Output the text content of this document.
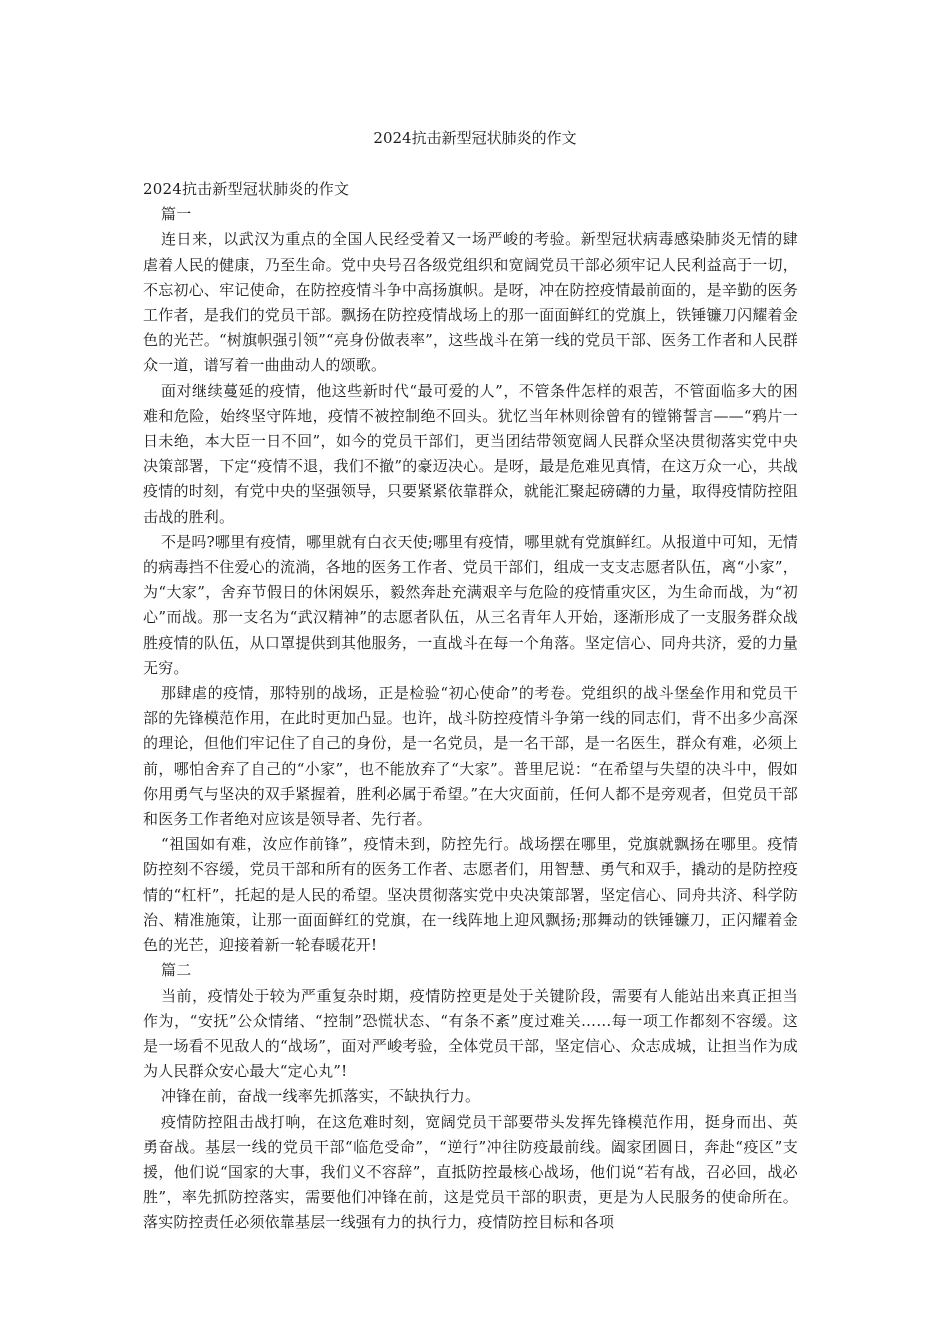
2024抗击新型冠状肺炎的作文

2024抗击新型冠状肺炎的作文

篇一

连日来，以武汉为重点的全国人民经受着又一场严峻的考验。新型冠状病毒感染肺炎无情的肆虐着人民的健康，乃至生命。党中央号召各级党组织和宽阔党员干部必须牢记人民利益高于一切，不忘初心、牢记使命，在防控疫情斗争中高扬旗帜。是呀，冲在防控疫情最前面的，是辛勤的医务工作者，是我们的党员干部。飘扬在防控疫情战场上的那一面面鲜红的党旗上，铁锤镰刀闪耀着金色的光芒。“树旗帜强引领”“亮身份做表率”，这些战斗在第一线的党员干部、医务工作者和人民群众一道，谱写着一曲曲动人的颂歌。

面对继续蔓延的疫情，他这些新时代“最可爱的人”，不管条件怎样的艰苦，不管面临多大的困难和危险，始终坚守阵地，疫情不被控制绝不回头。犹忆当年林则徐曾有的镗锵誓言——“鸦片一日未绝，本大臣一日不回”，如今的党员干部们，更当团结带领宽阔人民群众坚决贯彻落实党中央决策部署，下定“疫情不退，我们不撤”的豪迈决心。是呀，最是危难见真情，在这万众一心，共战疫情的时刻，有党中央的坚强领导，只要紧紧依靠群众，就能汇聚起磅礴的力量，取得疫情防控阻击战的胜利。

不是吗?哪里有疫情，哪里就有白衣天使;哪里有疫情，哪里就有党旗鲜红。从报道中可知，无情的病毒挡不住爱心的流淌，各地的医务工作者、党员干部们，组成一支支志愿者队伍，离“小家”，为“大家”，舍弃节假日的休闲娱乐，毅然奔赴充满艰辛与危险的疫情重灾区，为生命而战，为“初心”而战。那一支名为“武汉精神”的志愿者队伍，从三名青年人开始，逐渐形成了一支服务群众战胜疫情的队伍，从口罩提供到其他服务，一直战斗在每一个角落。坚定信心、同舟共济，爱的力量无穷。

那肆虐的疫情，那特别的战场，正是检验“初心使命”的考卷。党组织的战斗堡垒作用和党员干部的先锋模范作用，在此时更加凸显。也许，战斗防控疫情斗争第一线的同志们，背不出多少高深的理论，但他们牢记住了自己的身份，是一名党员，是一名干部，是一名医生，群众有难，必须上前，哪怕舍弃了自己的“小家”，也不能放弃了“大家”。普里尼说：“在希望与失望的决斗中，假如你用勇气与坚决的双手紧握着，胜利必属于希望。”在大灾面前，任何人都不是旁观者，但党员干部和医务工作者绝对应该是领导者、先行者。

“祖国如有难，汝应作前锋”，疫情未到，防控先行。战场摆在哪里，党旗就飘扬在哪里。疫情防控刻不容缓，党员干部和所有的医务工作者、志愿者们，用智慧、勇气和双手，撬动的是防控疫情的“杠杆”，托起的是人民的希望。坚决贯彻落实党中央决策部署，坚定信心、同舟共济、科学防治、精准施策，让那一面面鲜红的党旗，在一线阵地上迎风飘扬;那舞动的铁锤镰刀，正闪耀着金色的光芒，迎接着新一轮春暖花开!

篇二

当前，疫情处于较为严重复杂时期，疫情防控更是处于关键阶段，需要有人能站出来真正担当作为，“安抚”公众情绪、“控制”恐慌状态、“有条不紊”度过难关……每一项工作都刻不容缓。这是一场看不见敌人的“战场”，面对严峻考验，全体党员干部，坚定信心、众志成城，让担当作为成为人民群众安心最大“定心丸”!

冲锋在前，奋战一线率先抓落实，不缺执行力。

疫情防控阻击战打响，在这危难时刻，宽阔党员干部要带头发挥先锋模范作用，挺身而出、英勇奋战。基层一线的党员干部“临危受命”，“逆行”冲往防疫最前线。阖家团圆日，奔赴“疫区”支援，他们说“国家的大事，我们义不容辞”，直抵防控最核心战场，他们说“若有战，召必回，战必胜”，率先抓防控落实，需要他们冲锋在前，这是党员干部的职责，更是为人民服务的使命所在。落实防控责任必须依靠基层一线强有力的执行力，疫情防控目标和各项
